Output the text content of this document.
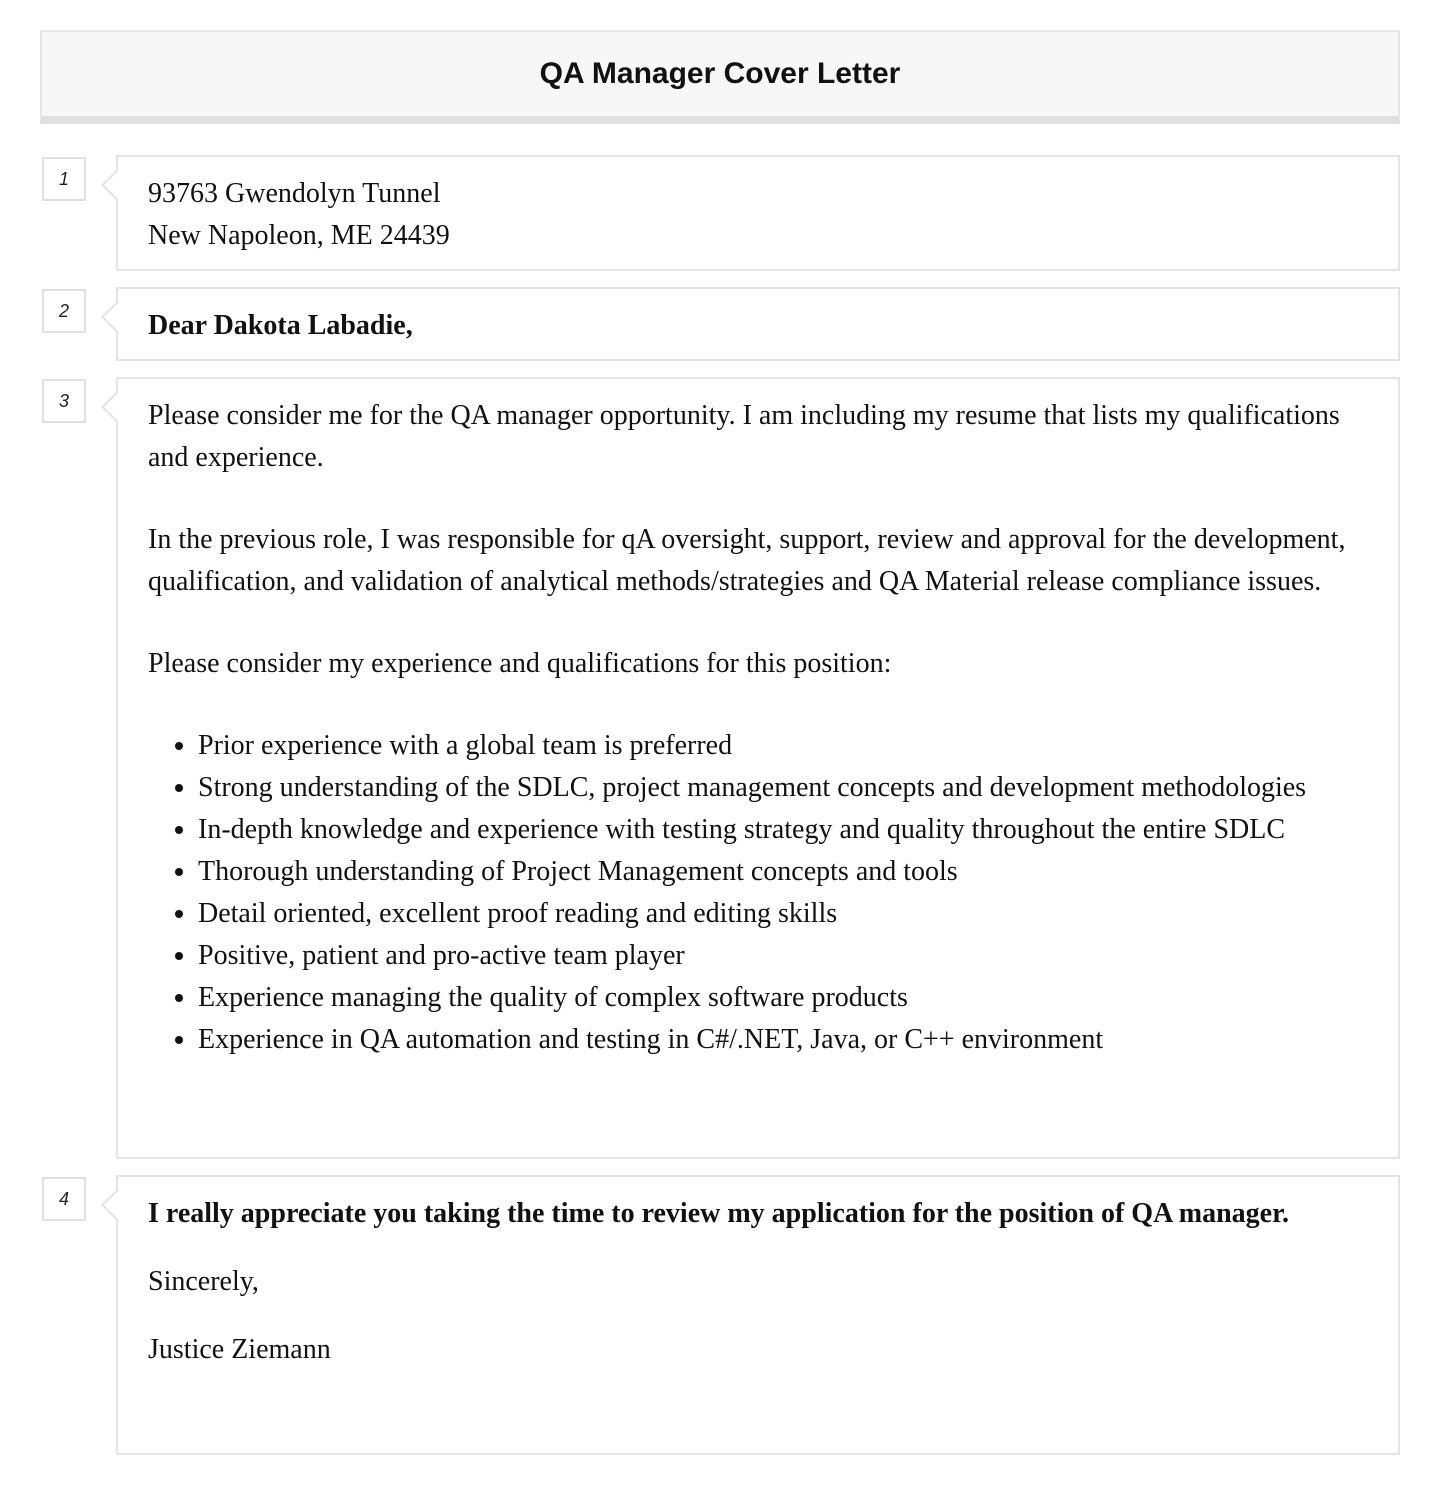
QA Manager Cover Letter
1	93763 Gwendolyn Tunnel

New Napoleon, ME 24439

2	Dear Dakota Labadie,

3	Please consider me for the QA manager opportunity. I am including my resume that lists my qualifications and experience.

In the previous role, I was responsible for qA oversight, support, review and approval for the development, qualification, and validation of analytical methods/strategies and QA Material release compliance issues.

Please consider my experience and qualifications for this position:

• Prior experience with a global team is preferred
• Strong understanding of the SDLC, project management concepts and development methodologies
• In-depth knowledge and experience with testing strategy and quality throughout the entire SDLC
• Thorough understanding of Project Management concepts and tools
• Detail oriented, excellent proof reading and editing skills
• Positive, patient and pro-active team player
• Experience managing the quality of complex software products
• Experience in QA automation and testing in C#/.NET, Java, or C++ environment
4	I really appreciate you taking the time to review my application for the position of QA manager.

Sincerely,

Justice Ziemann
